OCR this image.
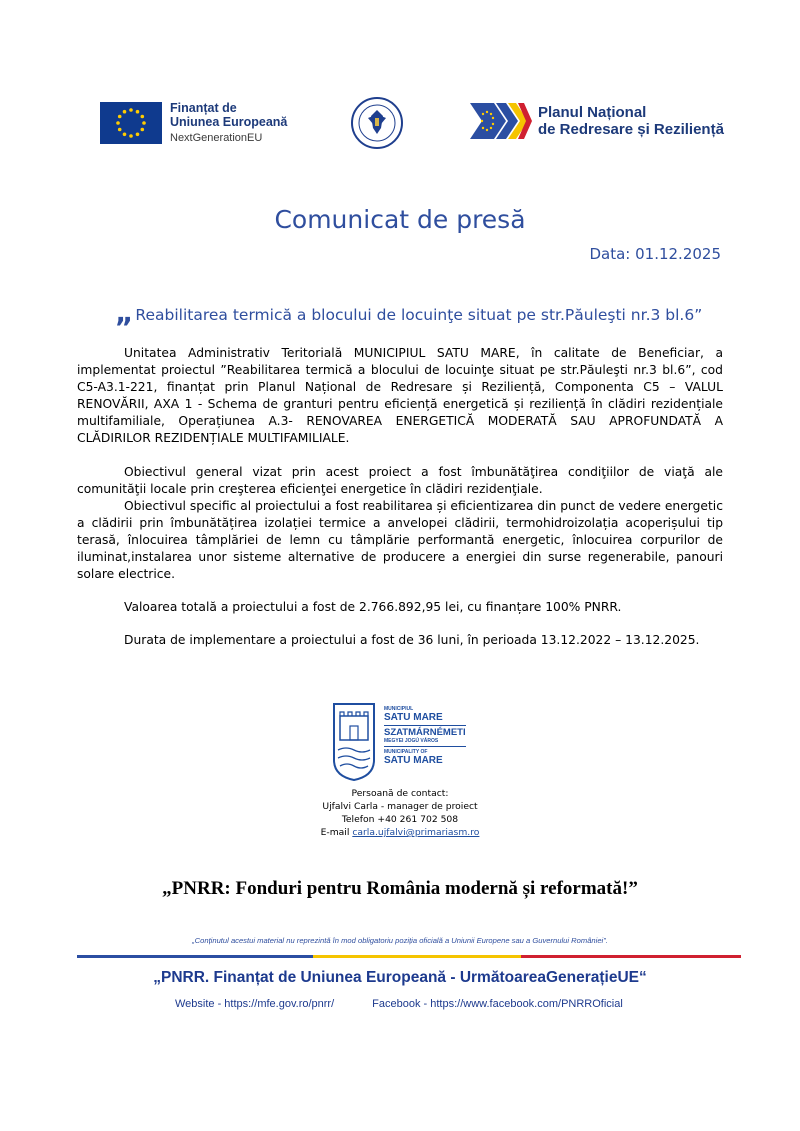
Finanțat de
Uniunea Europeană
NextGenerationEU
Planul Național
de Redresare și Reziliență
Comunicat de presă
Data: 01.12.2025
„ Reabilitarea termică a blocului de locuinţe situat pe str.Păuleşti nr.3 bl.6”

Unitatea Administrativ Teritorială MUNICIPIUL SATU MARE, în calitate de Beneficiar, a implementat proiectul ”Reabilitarea termică a blocului de locuinţe situat pe str.Păuleşti nr.3 bl.6”, cod C5-A3.1-221, finanțat prin Planul Național de Redresare și Reziliență, Componenta C5 – VALUL RENOVĂRII, AXA 1 - Schema de granturi pentru eficiență energetică și reziliență în clădiri rezidențiale multifamiliale, Operațiunea A.3- RENOVAREA ENERGETICĂ MODERATĂ SAU APROFUNDATĂ A CLĂDIRILOR REZIDENȚIALE MULTIFAMILIALE.

Obiectivul general vizat prin acest proiect a fost îmbunătăţirea condiţiilor de viaţă ale comunităţii locale prin creşterea eficienţei energetice în clădiri rezidenţiale.

Obiectivul specific al proiectului a fost reabilitarea și eficientizarea din punct de vedere energetic a clădirii prin îmbunătățirea izolației termice a anvelopei clădirii, termohidroizolația acoperișului tip terasă, înlocuirea tâmplăriei de lemn cu tâmplărie performantă energetic, înlocuirea corpurilor de iluminat,instalarea unor sisteme alternative de producere a energiei din surse regenerabile, panouri solare electrice.

Valoarea totală a proiectului a fost de 2.766.892,95 lei, cu finanțare 100% PNRR.

Durata de implementare a proiectului a fost de 36 luni, în perioada 13.12.2022 – 13.12.2025.

MUNICIPIUL
SATU MARE
SZATMÁRNÉMETI
MEGYEI JOGÚ VÁROS
MUNICIPALITY OF
SATU MARE
Persoană de contact:
Ujfalvi Carla - manager de proiect
Telefon +40 261 702 508
E-mail carla.ujfalvi@primariasm.ro
„PNRR: Fonduri pentru România modernă și reformată!”
„Conținutul acestui material nu reprezintă în mod obligatoriu poziția oficială a Uniunii Europene sau a Guvernului României”.
„PNRR. Finanțat de Uniunea Europeană - UrmătoareaGenerațieUE“
Website - https://mfe.gov.ro/pnrr/	Facebook - https://www.facebook.com/PNRROficial
